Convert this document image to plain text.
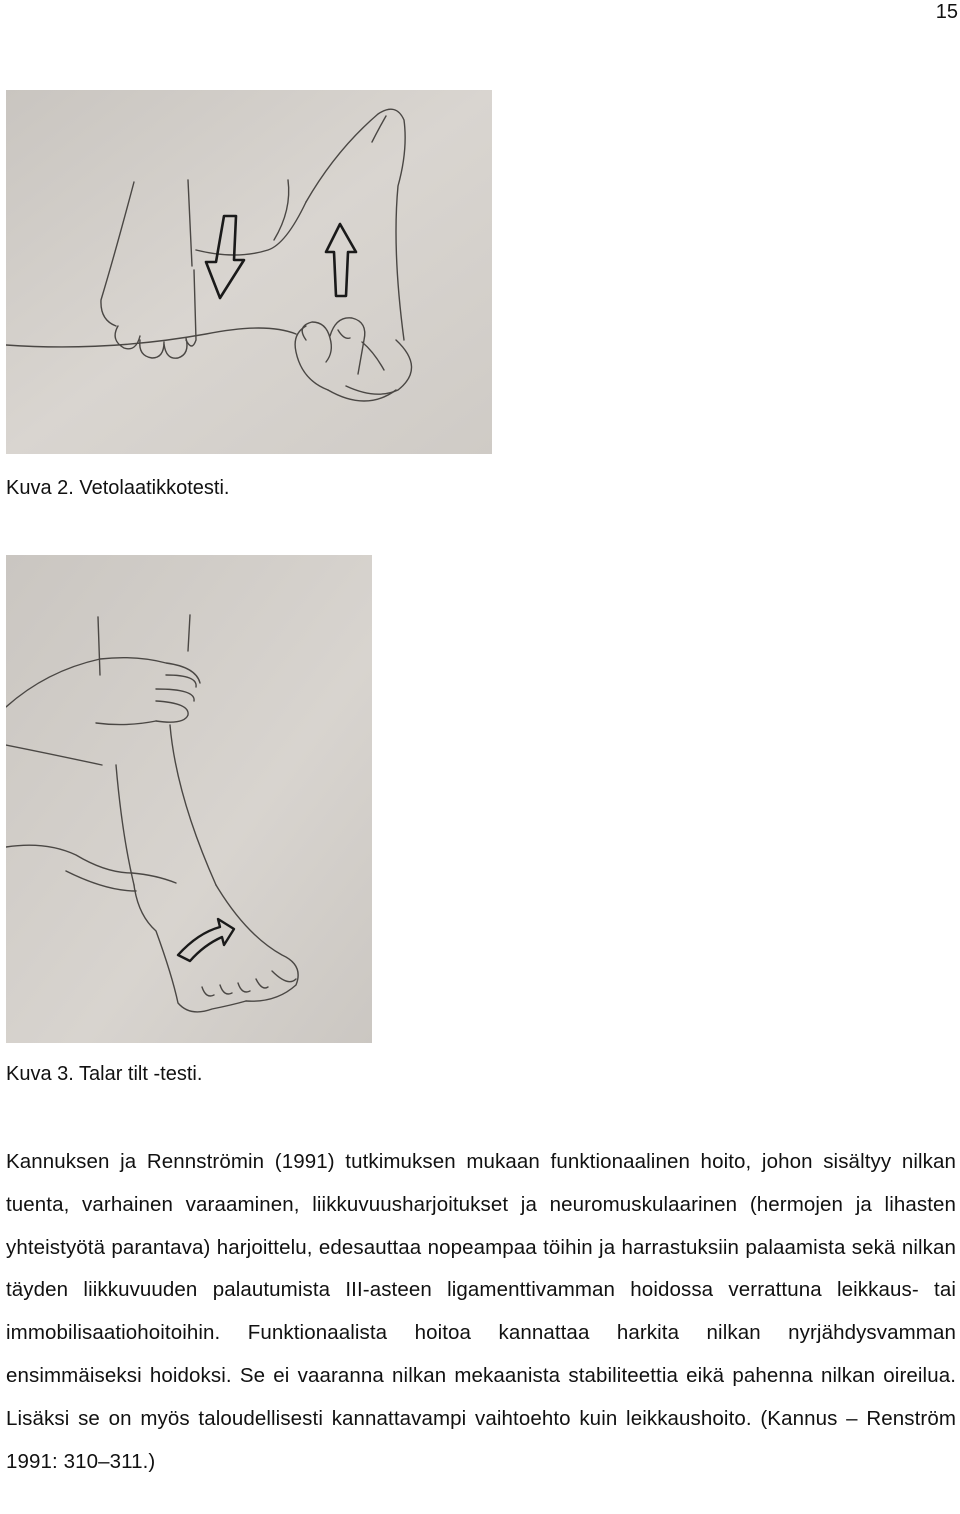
15
Kuva 2. Vetolaatikkotesti.
Kuva 3. Talar tilt -testi.

Kannuksen ja Rennströmin (1991) tutkimuksen mukaan funktionaalinen hoito, johon sisältyy nilkan tuenta, varhainen varaaminen, liikkuvuusharjoitukset ja neuromuskulaarinen (hermojen ja lihasten yhteistyötä parantava) harjoittelu, edesauttaa nopeampaa töihin ja harrastuksiin palaamista sekä nilkan täyden liikkuvuuden palautumista III-asteen ligamenttivamman hoidossa verrattuna leikkaus- tai immobilisaatiohoitoihin. Funktionaalista hoitoa kannattaa harkita nilkan nyrjähdysvamman ensimmäiseksi hoidoksi. Se ei vaaranna nilkan mekaanista stabiliteettia eikä pahenna nilkan oireilua. Lisäksi se on myös taloudellisesti kannattavampi vaihtoehto kuin leikkaushoito. (Kannus – Renström 1991: 310–311.)
